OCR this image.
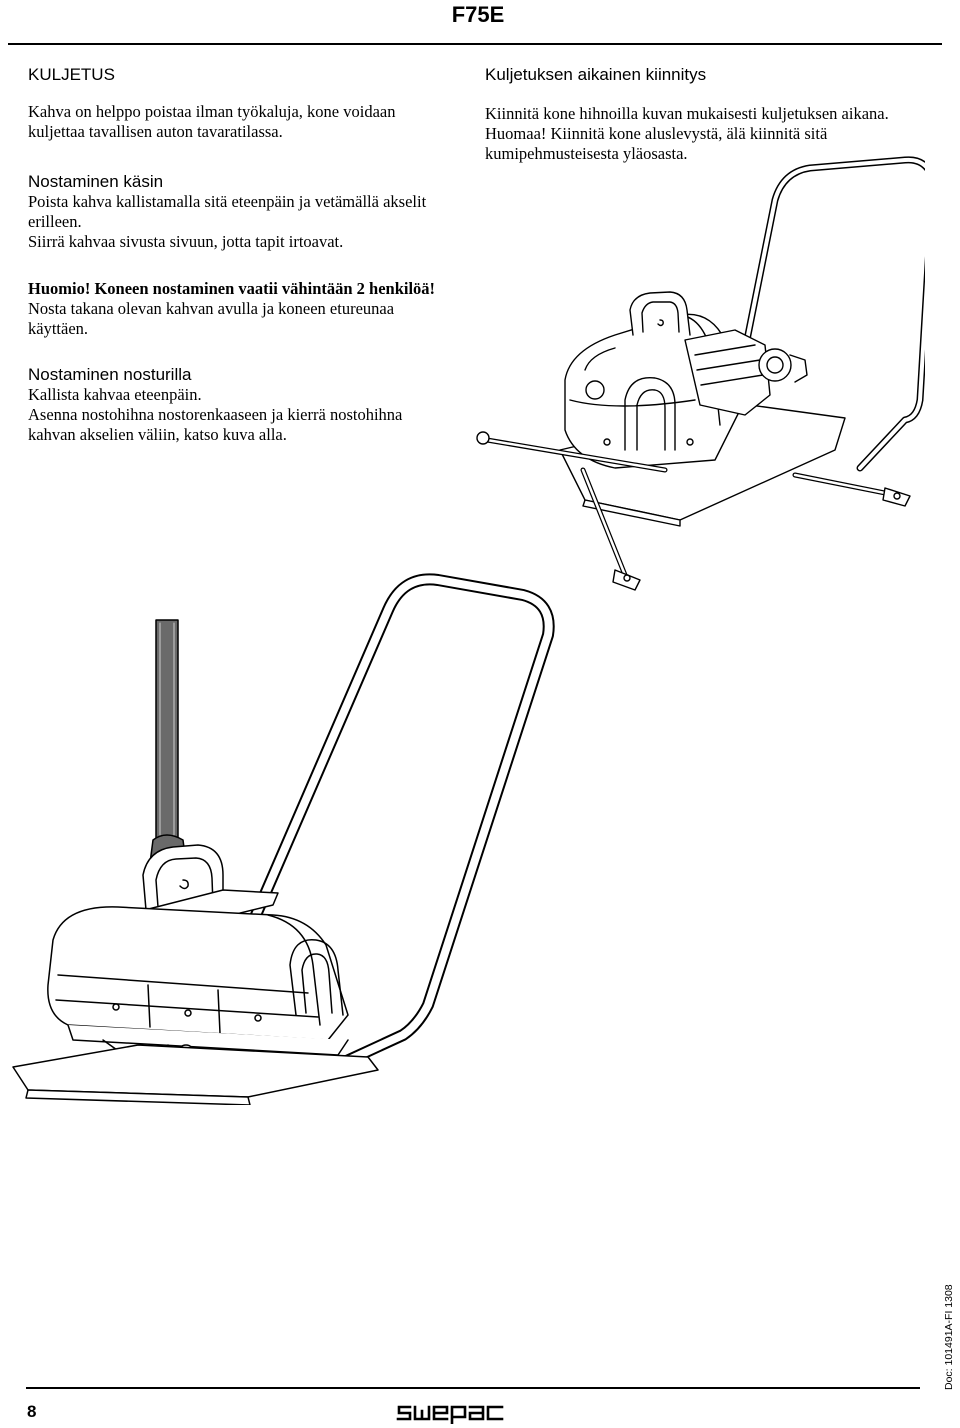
F75E

KULJETUS

Kahva on helppo poistaa ilman työkaluja, kone voidaan

kuljettaa tavallisen auton tavaratilassa.

Nostaminen käsin

Poista kahva kallistamalla sitä eteenpäin ja vetämällä akselit

erilleen.

Siirrä kahvaa sivusta sivuun, jotta tapit irtoavat.

Huomio! Koneen nostaminen vaatii vähintään 2 henkilöä!

Nosta takana olevan kahvan avulla ja koneen etureunaa

käyttäen.

Nostaminen nosturilla

Kallista kahvaa eteenpäin.

Asenna nostohihna nostorenkaaseen ja kierrä nostohihna

kahvan akselien väliin, katso kuva alla.

Kuljetuksen aikainen kiinnitys

Kiinnitä kone hihnoilla kuvan mukaisesti kuljetuksen aikana.

Huomaa! Kiinnitä kone aluslevystä, älä kiinnitä sitä

kumipehmusteisesta yläosasta.

8
Doc: 101491A-FI 1308
